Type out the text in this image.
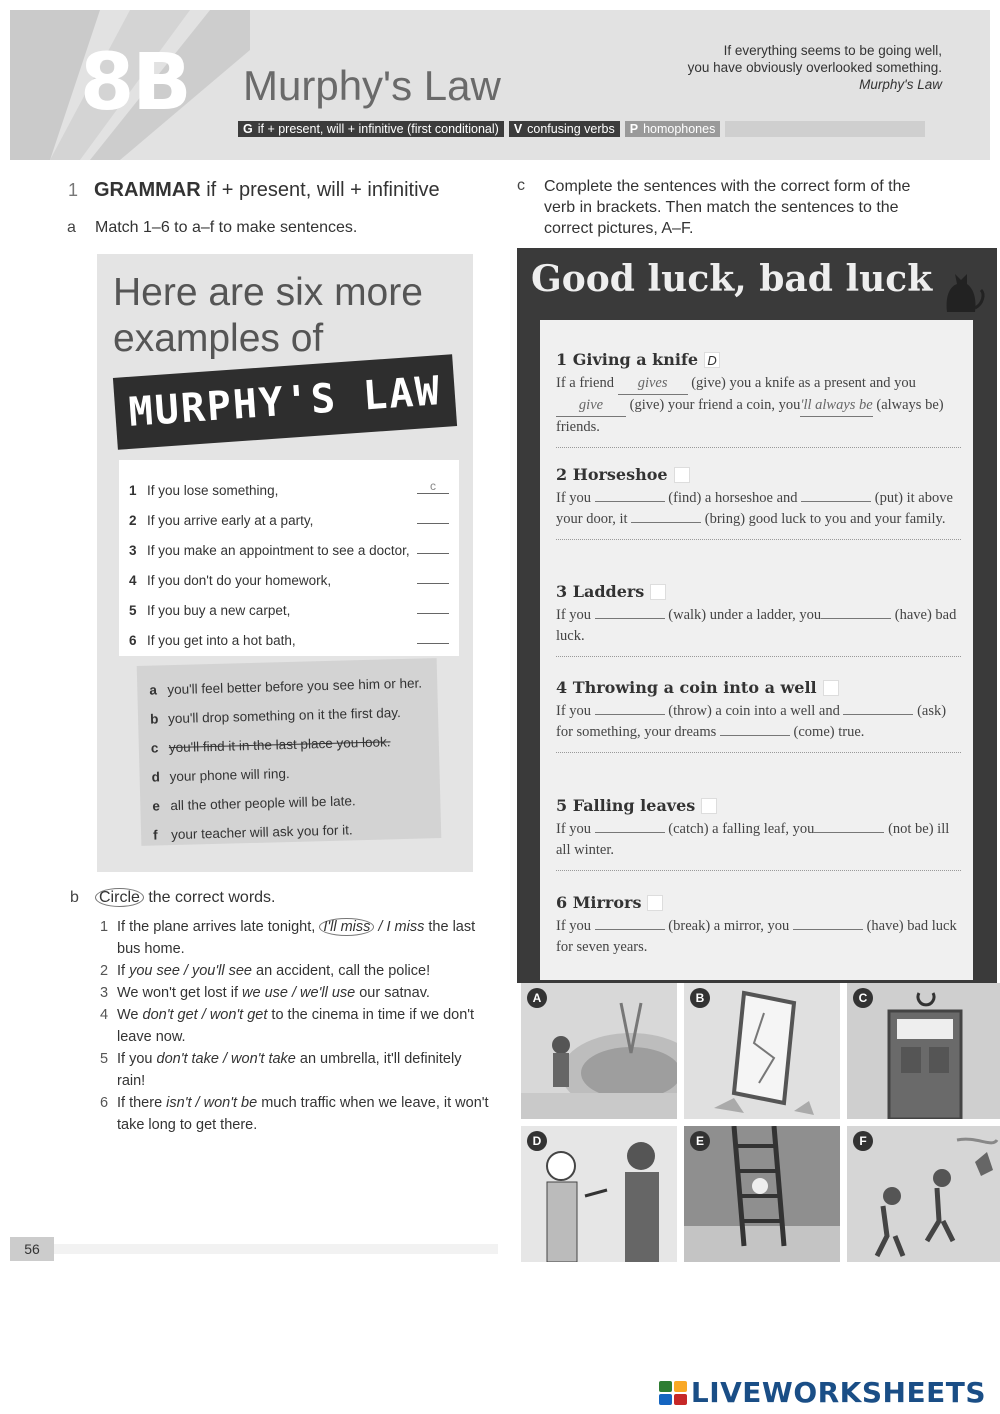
8B Murphy's Law
If everything seems to be going well,
you have obviously overlooked something.
Murphy's Law
G if + present, will + infinitive (first conditional)	V confusing verbs	P homophones
1 GRAMMAR if + present, will + infinitive
a Match 1–6 to a–f to make sentences.
c Complete the sentences with the correct form of the verb in brackets. Then match the sentences to the correct pictures, A–F.
Here are six more examples of
MURPHY'S LAW
1 If you lose something,	c
2 If you arrive early at a party,
3 If you make an appointment to see a doctor,
4 If you don't do your homework,
5 If you buy a new carpet,
6 If you get into a hot bath,
a you'll feel better before you see him or her.
b you'll drop something on it the first day.
c you'll find it in the last place you look.
d your phone will ring.
e all the other people will be late.
f your teacher will ask you for it.
b Circle the correct words.
1 If the plane arrives late tonight, I'll miss / I miss the last bus home.
2 If you see / you'll see an accident, call the police!
3 We won't get lost if we use / we'll use our satnav.
4 We don't get / won't get to the cinema in time if we don't leave now.
5 If you don't take / won't take an umbrella, it'll definitely rain!
6 If there isn't / won't be much traffic when we leave, it won't take long to get there.
Good luck, bad luck
1 Giving a knife D
If a friend gives (give) you a knife as a present and you give (give) your friend a coin, you'll always be (always be) friends.
2 Horseshoe
If you	(find) a horseshoe and	(put) it above your door, it	(bring) good luck to you and your family.
3 Ladders
If you	(walk) under a ladder, you	(have) bad luck.
4 Throwing a coin into a well
If you	(throw) a coin into a well and	(ask) for something, your dreams	(come) true.
5 Falling leaves
If you	(catch) a falling leaf, you	(not be) ill all winter.
6 Mirrors
If you	(break) a mirror, you	(have) bad luck for seven years.
A	B	C
D	E	F
56
LIVEWORKSHEETS
